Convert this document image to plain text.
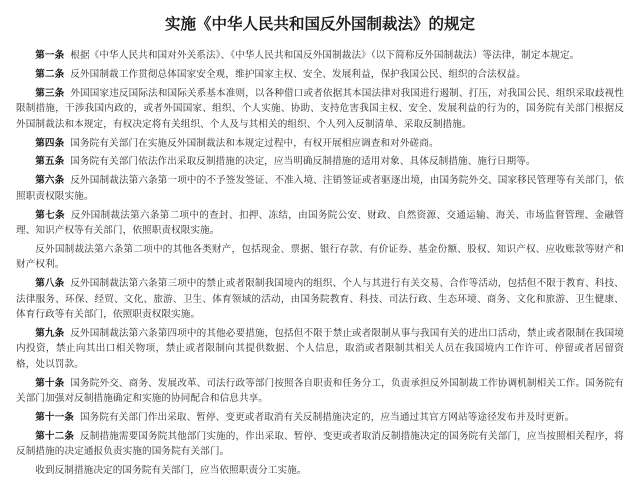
实施《中华人民共和国反外国制裁法》的规定

第一条 根据《中华人民共和国对外关系法》、《中华人民共和国反外国制裁法》（以下简称反外国制裁法）等法律，制定本规定。

第二条 反外国制裁工作贯彻总体国家安全观，维护国家主权、安全、发展利益，保护我国公民、组织的合法权益。

第三条 外国国家违反国际法和国际关系基本准则，以各种借口或者依据其本国法律对我国进行遏制、打压，对我国公民、组织采取歧视性限制措施，干涉我国内政的，或者外国国家、组织、个人实施、协助、支持危害我国主权、安全、发展利益的行为的，国务院有关部门根据反外国制裁法和本规定，有权决定将有关组织、个人及与其相关的组织、个人列入反制清单、采取反制措施。

第四条 国务院有关部门在实施反外国制裁法和本规定过程中，有权开展相应调查和对外磋商。

第五条 国务院有关部门依法作出采取反制措施的决定，应当明确反制措施的适用对象、具体反制措施、施行日期等。

第六条 反外国制裁法第六条第一项中的不予签发签证、不准入境、注销签证或者驱逐出境，由国务院外交、国家移民管理等有关部门，依照职责权限实施。

第七条 反外国制裁法第六条第二项中的查封、扣押、冻结，由国务院公安、财政、自然资源、交通运输、海关、市场监督管理、金融管理、知识产权等有关部门，依照职责权限实施。

反外国制裁法第六条第二项中的其他各类财产，包括现金、票据、银行存款、有价证券、基金份额、股权、知识产权、应收账款等财产和财产权利。

第八条 反外国制裁法第六条第三项中的禁止或者限制我国境内的组织、个人与其进行有关交易、合作等活动，包括但不限于教育、科技、法律服务、环保、经贸、文化、旅游、卫生、体育领域的活动，由国务院教育、科技、司法行政、生态环境、商务、文化和旅游、卫生健康、体育行政等有关部门，依照职责权限实施。

第九条 反外国制裁法第六条第四项中的其他必要措施，包括但不限于禁止或者限制从事与我国有关的进出口活动，禁止或者限制在我国境内投资，禁止向其出口相关物项，禁止或者限制向其提供数据、个人信息，取消或者限制其相关人员在我国境内工作许可、停留或者居留资格，处以罚款。

第十条 国务院外交、商务、发展改革、司法行政等部门按照各自职责和任务分工，负责承担反外国制裁工作协调机制相关工作。国务院有关部门加强对反制措施确定和实施的协同配合和信息共享。

第十一条 国务院有关部门作出采取、暂停、变更或者取消有关反制措施决定的，应当通过其官方网站等途径发布并及时更新。

第十二条 反制措施需要国务院其他部门实施的，作出采取、暂停、变更或者取消反制措施决定的国务院有关部门，应当按照相关程序，将反制措施的决定通报负责实施的国务院有关部门。

收到反制措施决定的国务院有关部门，应当依照职责分工实施。
